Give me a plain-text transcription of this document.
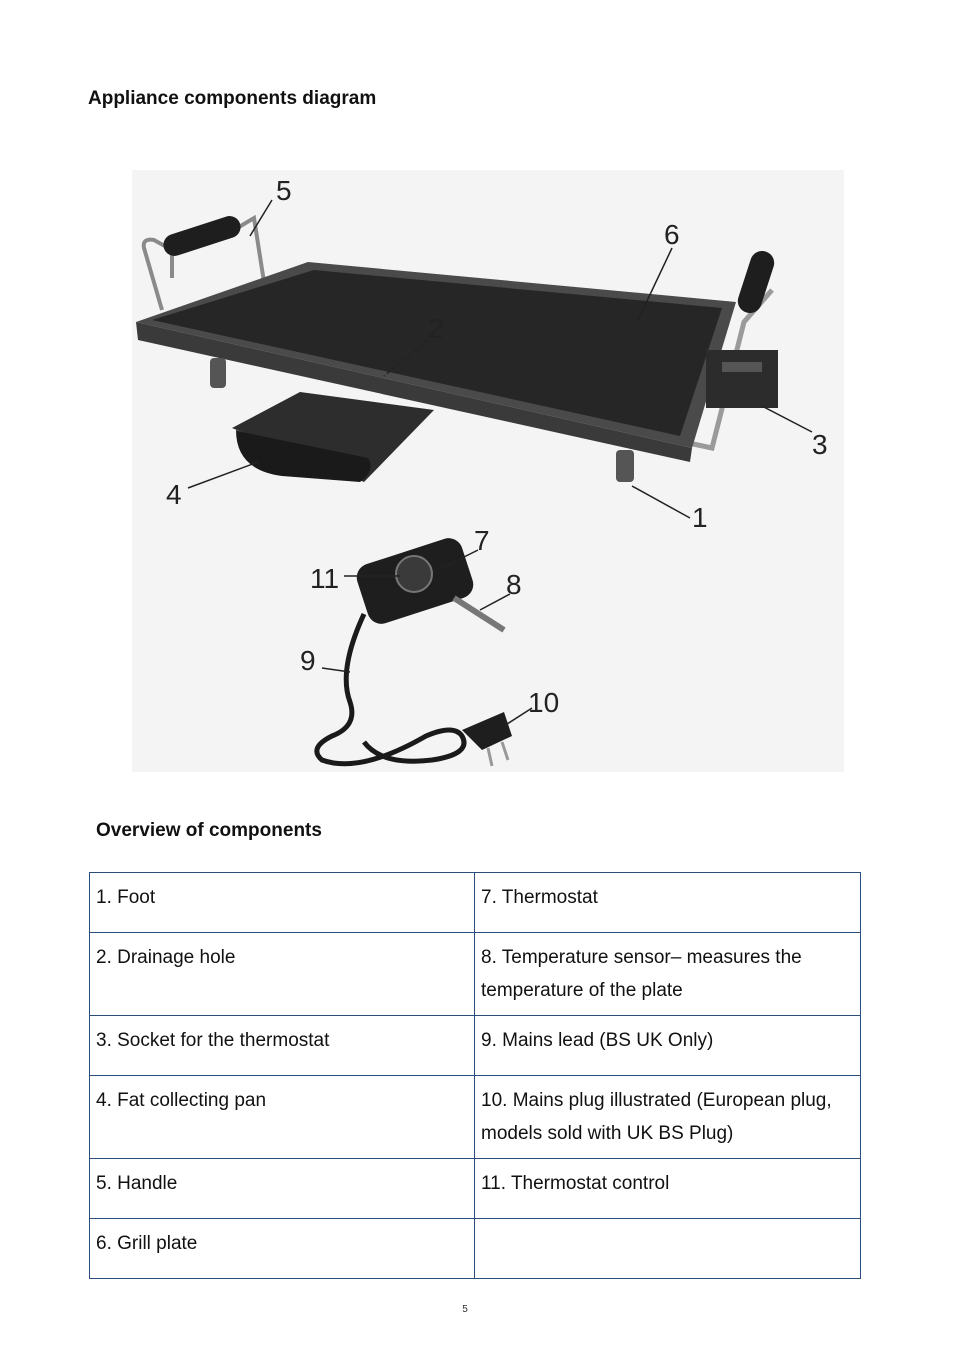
Appliance components diagram
1
2
3
4
5
6
7
8
9
10
11
Overview of components
1. Foot	7. Thermostat
2. Drainage hole	8. Temperature sensor– measures the temperature of the plate
3. Socket for the thermostat	9. Mains lead (BS UK Only)
4. Fat collecting pan	10. Mains plug illustrated (European plug, models sold with UK BS Plug)
5. Handle	11. Thermostat control
6. Grill plate	
5
